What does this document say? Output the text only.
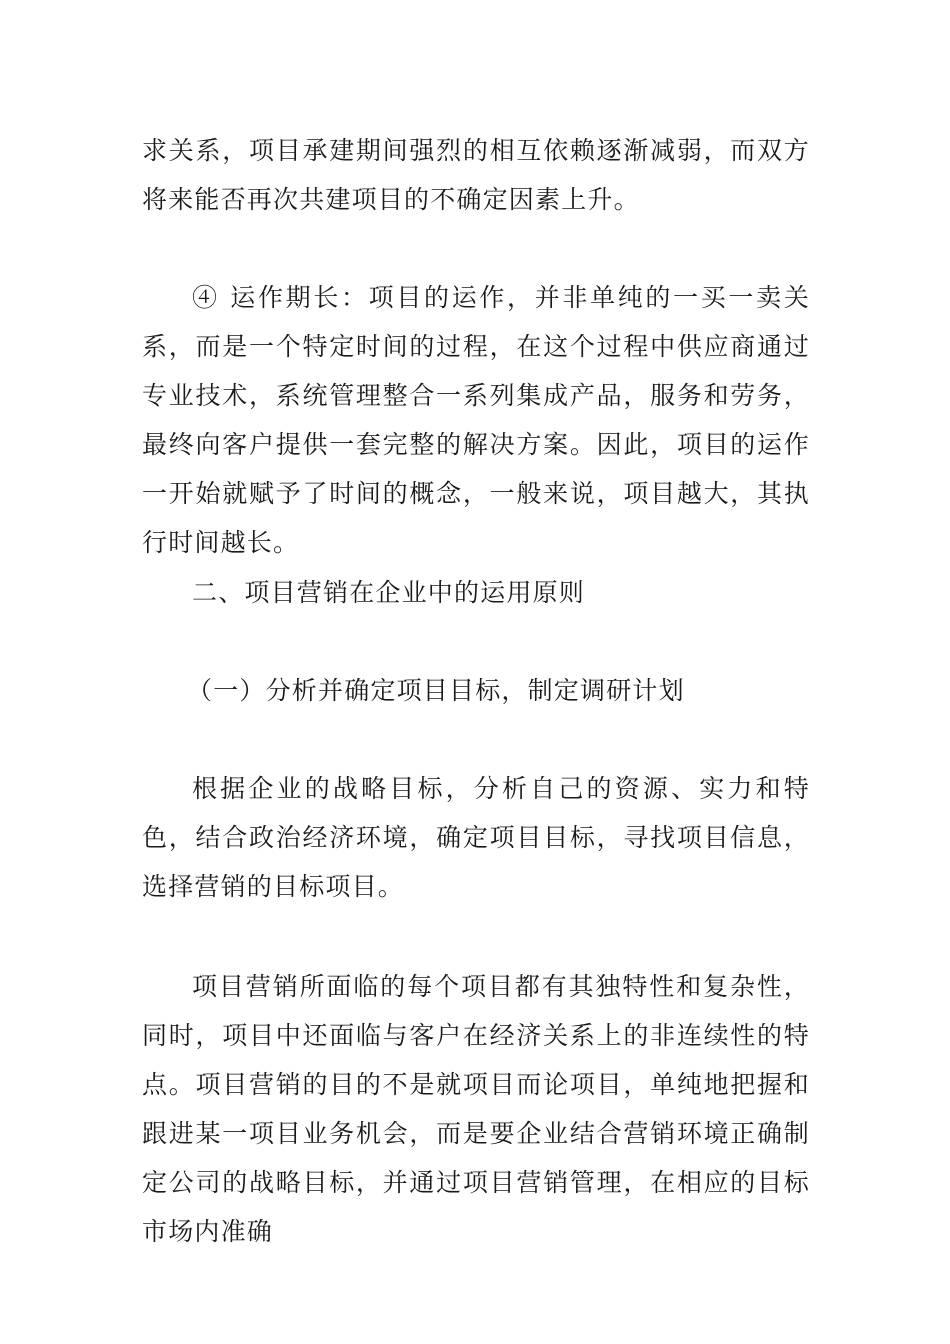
求关系，项目承建期间强烈的相互依赖逐渐减弱，而双方将来能否再次共建项目的不确定因素上升。

④ 运作期长：项目的运作，并非单纯的一买一卖关系，而是一个特定时间的过程，在这个过程中供应商通过专业技术，系统管理整合一系列集成产品，服务和劳务，最终向客户提供一套完整的解决方案。因此，项目的运作一开始就赋予了时间的概念，一般来说，项目越大，其执行时间越长。

二、项目营销在企业中的运用原则

（一）分析并确定项目目标，制定调研计划

根据企业的战略目标，分析自己的资源、实力和特色，结合政治经济环境，确定项目目标，寻找项目信息，选择营销的目标项目。

项目营销所面临的每个项目都有其独特性和复杂性，同时，项目中还面临与客户在经济关系上的非连续性的特点。项目营销的目的不是就项目而论项目，单纯地把握和跟进某一项目业务机会，而是要企业结合营销环境正确制定公司的战略目标，并通过项目营销管理，在相应的目标市场内准确
